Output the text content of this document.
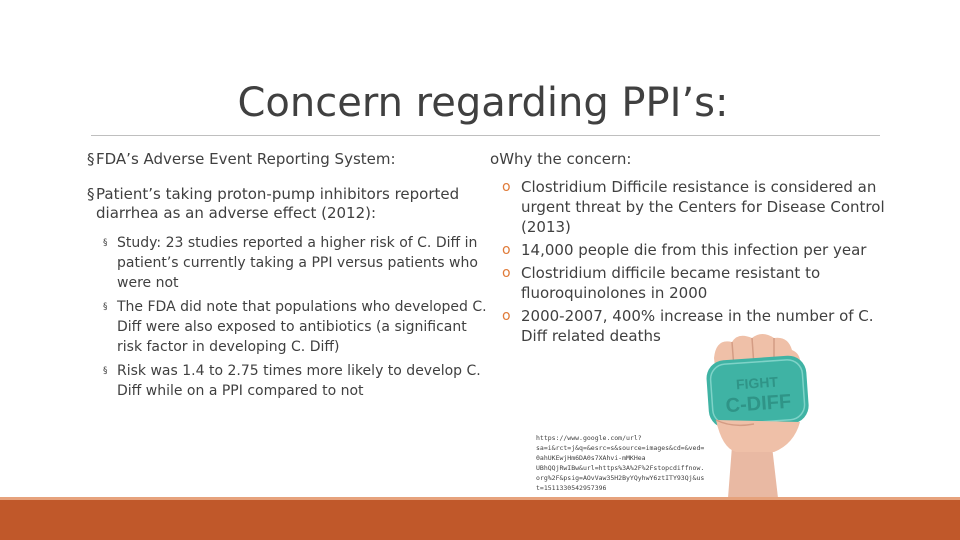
Concern regarding PPI’s:

§ FDA’s Adverse Event Reporting System:

§ Patient’s taking proton-pump inhibitors reported diarrhea as an adverse effect (2012):

§ Study: 23 studies reported a higher risk of C. Diff in patient’s currently taking a PPI versus patients who were not

§ The FDA did note that populations who developed C. Diff were also exposed to antibiotics (a significant risk factor in developing C. Diff)

§ Risk was 1.4 to 2.75 times more likely to develop C. Diff while on a PPI compared to not

oWhy the concern:

o Clostridium Difficile resistance is considered an urgent threat by the Centers for Disease Control (2013)

o 14,000 people die from this infection per year

o Clostridium difficile became resistant to fluoroquinolones in 2000

o 2000-2007, 400% increase in the number of C. Diff related deaths

FIGHT
C-DIFF
https://www.google.com/url?sa=i&rct=j&q=&esrc=s&source=images&cd=&ved=0ahUKEwjHm6DA0s7XAhvi-mMKHea UBhQQjRwIBw&url=https%3A%2F%2Fstopcdiffnow.org%2F&psig=AOvVaw35H2ByYQyhwY6ztITY93Qj&ust=1511330542957396
